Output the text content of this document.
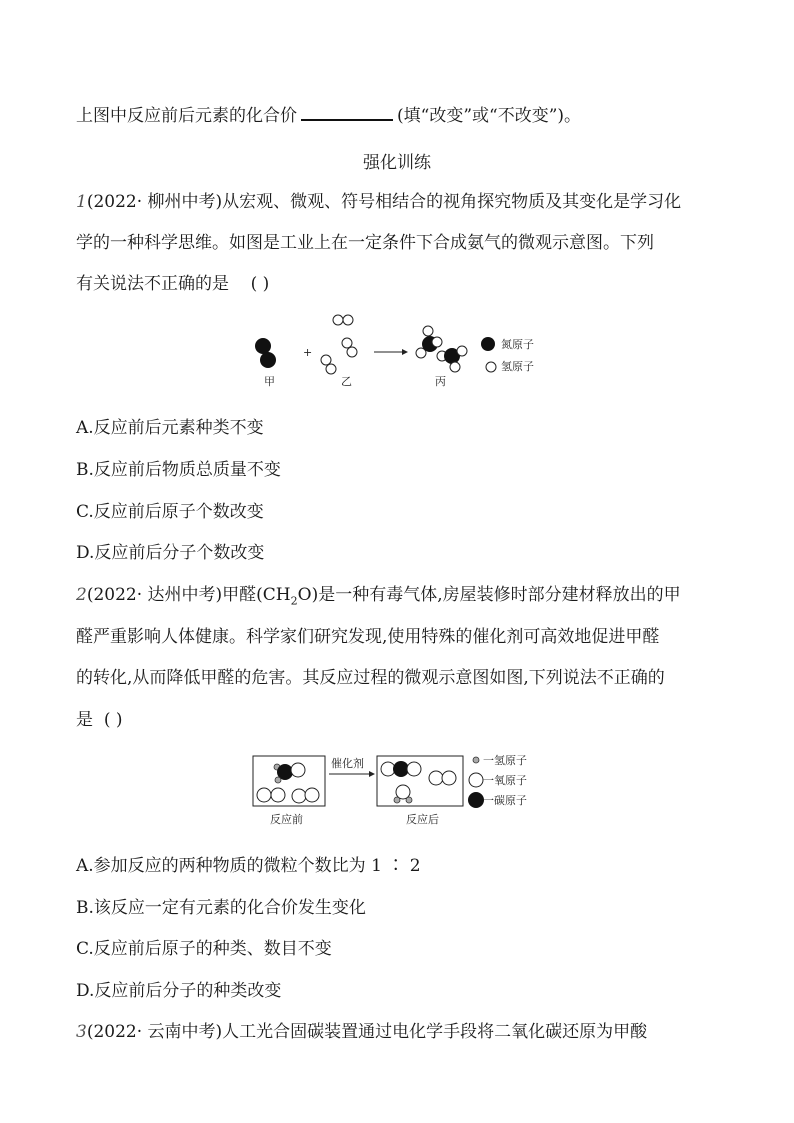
上图中反应前后元素的化合价	(填“改变”或“不改变”)。
强化训练
1(2022· 柳州中考)从宏观、微观、符号相结合的视角探究物质及其变化是学习化
学的一种科学思维。如图是工业上在一定条件下合成氨气的微观示意图。下列
有关说法不正确的是 ( )
甲
+
乙	丙
氮原子
氢原子
A.反应前后元素种类不变
B.反应前后物质总质量不变
C.反应前后原子个数改变
D.反应前后分子个数改变
2(2022· 达州中考)甲醛$(CH_2O)$是一种有毒气体,房屋装修时部分建材释放出的甲
醛严重影响人体健康。科学家们研究发现,使用特殊的催化剂可高效地促进甲醛
的转化,从而降低甲醛的危害。其反应过程的微观示意图如图,下列说法不正确的
是 ( )
反应前
催化剂
反应后
一氢原子
一氧原子
一碳原子
A.参加反应的两种物质的微粒个数比为 1 ∶ 2
B.该反应一定有元素的化合价发生变化
C.反应前后原子的种类、数目不变
D.反应前后分子的种类改变
3(2022· 云南中考)人工光合固碳装置通过电化学手段将二氧化碳还原为甲酸
